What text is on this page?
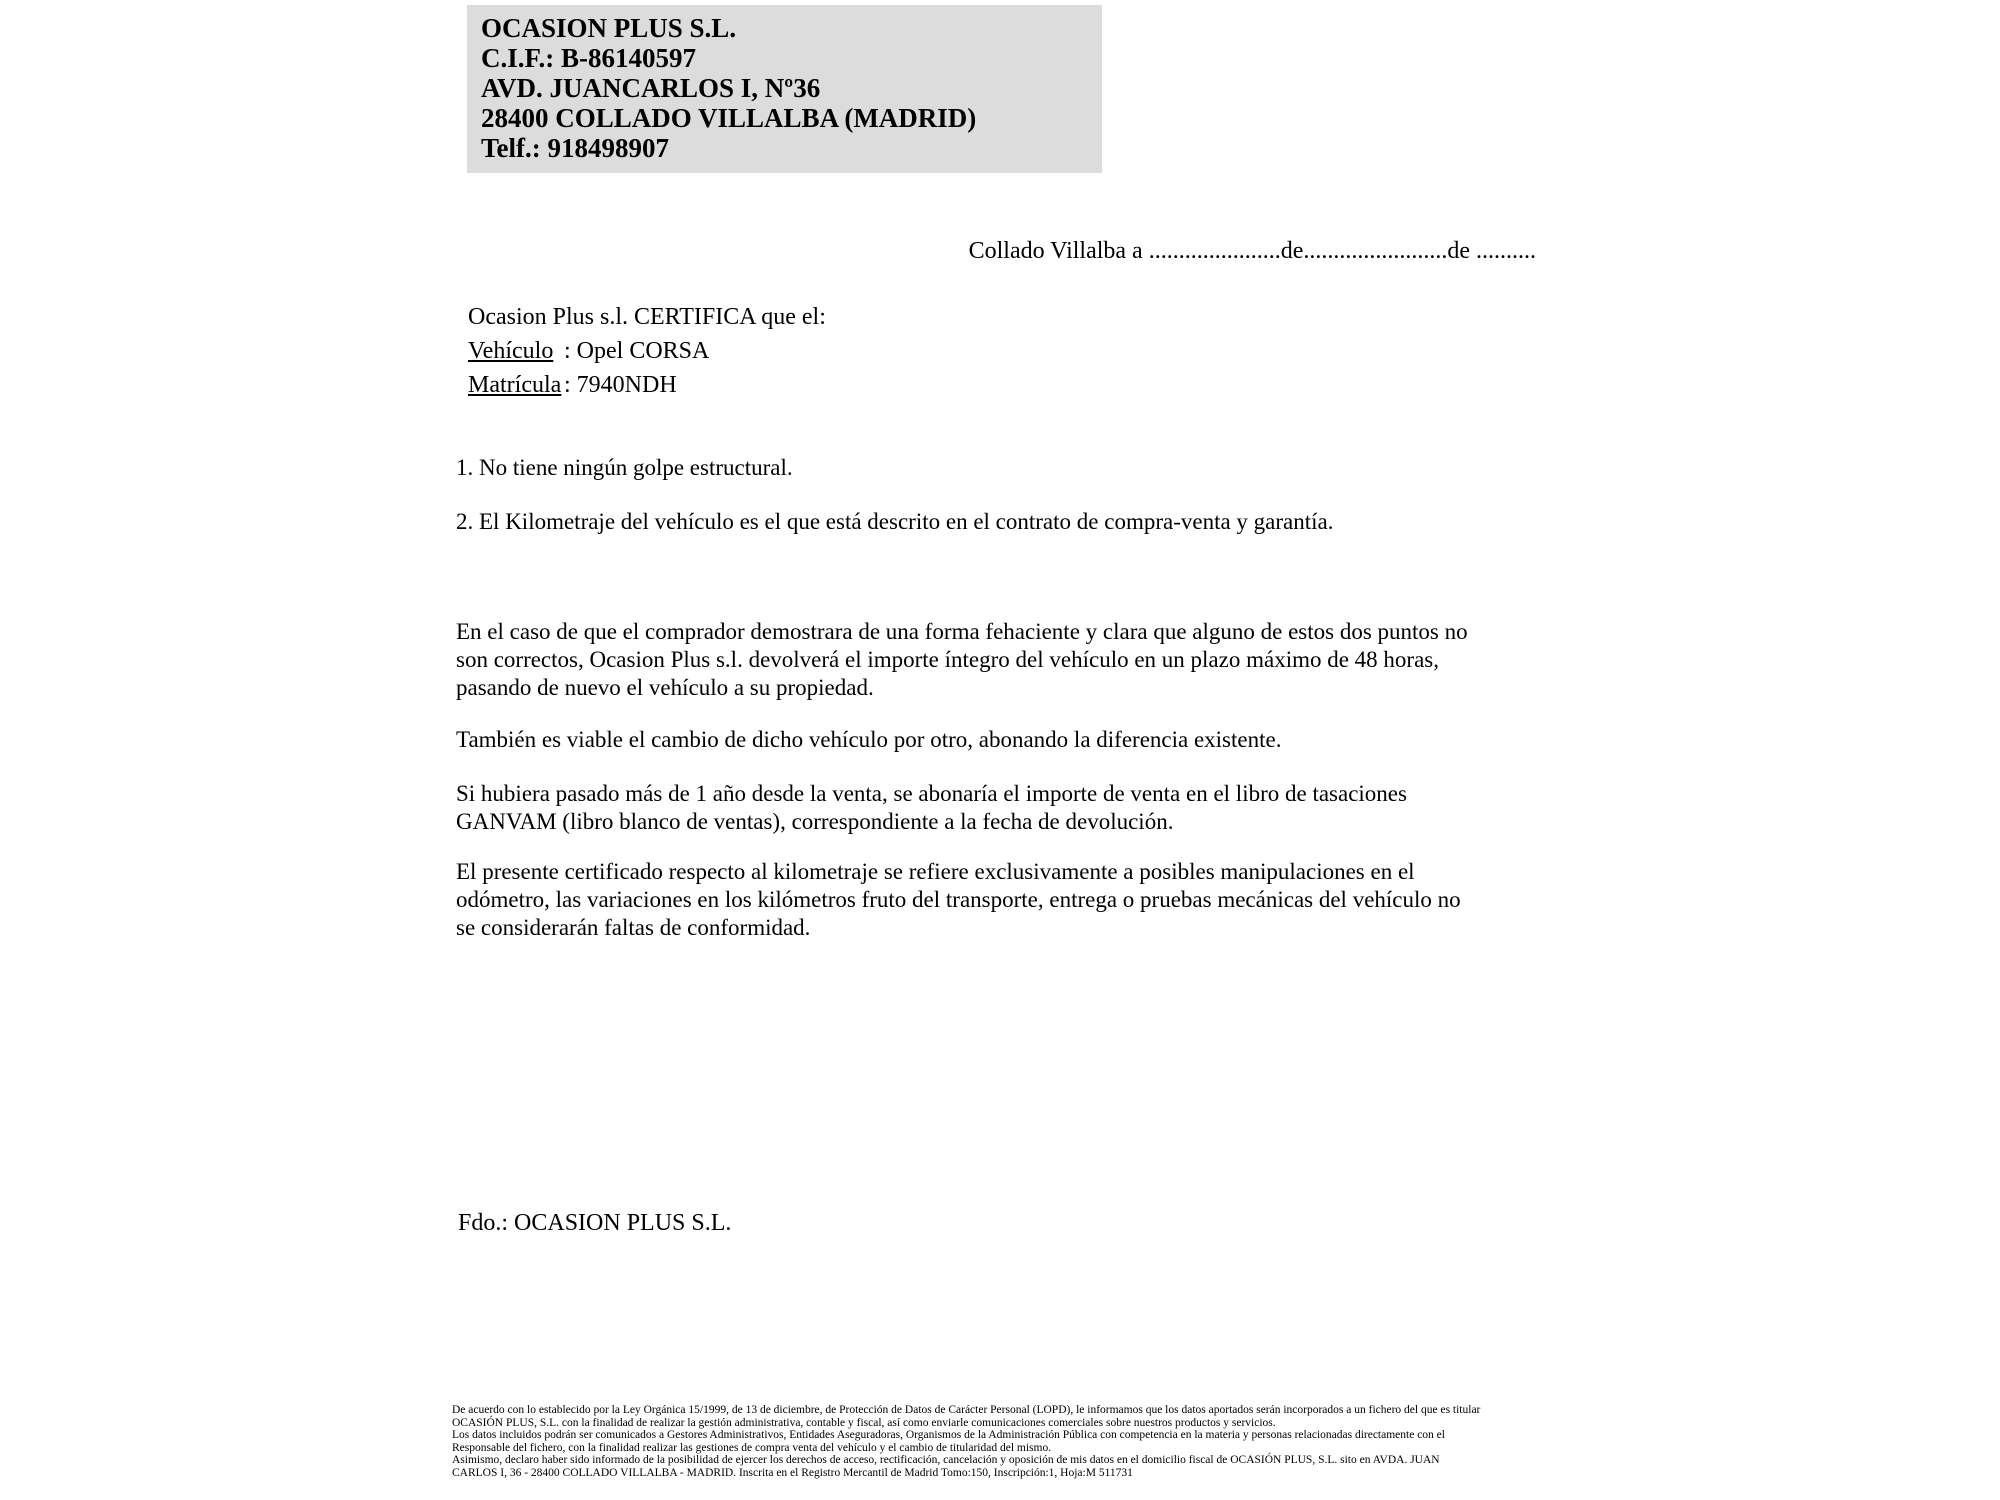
OCASION PLUS S.L.
C.I.F.: B-86140597
AVD. JUANCARLOS I, Nº36
28400 COLLADO VILLALBA (MADRID)
Telf.: 918498907
Collado Villalba a ......................de........................de ..........
Ocasion Plus s.l. CERTIFICA que el:
Vehículo : Opel CORSA
Matrícula : 7940NDH
1. No tiene ningún golpe estructural.
2. El Kilometraje del vehículo es el que está descrito en el contrato de compra-venta y garantía.
En el caso de que el comprador demostrara de una forma fehaciente y clara que alguno de estos dos puntos no
son correctos, Ocasion Plus s.l. devolverá el importe íntegro del vehículo en un plazo máximo de 48 horas,
pasando de nuevo el vehículo a su propiedad.
También es viable el cambio de dicho vehículo por otro, abonando la diferencia existente.
Si hubiera pasado más de 1 año desde la venta, se abonaría el importe de venta en el libro de tasaciones
GANVAM (libro blanco de ventas), correspondiente a la fecha de devolución.
El presente certificado respecto al kilometraje se refiere exclusivamente a posibles manipulaciones en el
odómetro, las variaciones en los kilómetros fruto del transporte, entrega o pruebas mecánicas del vehículo no
se considerarán faltas de conformidad.
Fdo.: OCASION PLUS S.L.
De acuerdo con lo establecido por la Ley Orgánica 15/1999, de 13 de diciembre, de Protección de Datos de Carácter Personal (LOPD), le informamos que los datos aportados serán incorporados a un fichero del que es titular
OCASIÓN PLUS, S.L. con la finalidad de realizar la gestión administrativa, contable y fiscal, así como enviarle comunicaciones comerciales sobre nuestros productos y servicios.
Los datos incluidos podrán ser comunicados a Gestores Administrativos, Entidades Aseguradoras, Organismos de la Administración Pública con competencia en la materia y personas relacionadas directamente con el
Responsable del fichero, con la finalidad realizar las gestiones de compra venta del vehículo y el cambio de titularidad del mismo.
Asimismo, declaro haber sido informado de la posibilidad de ejercer los derechos de acceso, rectificación, cancelación y oposición de mis datos en el domicilio fiscal de OCASIÓN PLUS, S.L. sito en AVDA. JUAN
CARLOS I, 36 - 28400 COLLADO VILLALBA - MADRID. Inscrita en el Registro Mercantil de Madrid Tomo:150, Inscripción:1, Hoja:M 511731
